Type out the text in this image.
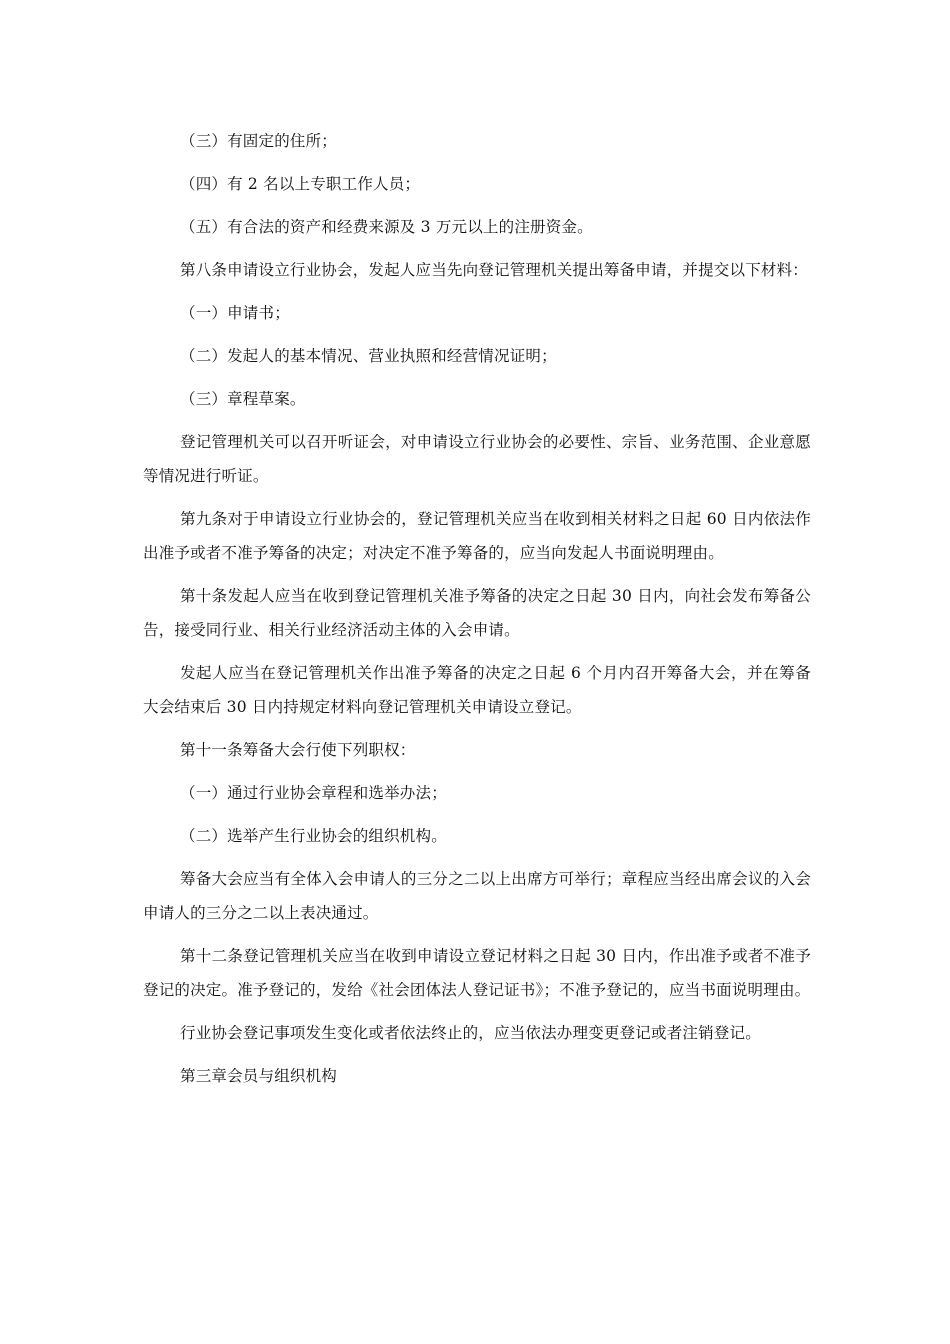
（三）有固定的住所；

（四）有 2 名以上专职工作人员；

（五）有合法的资产和经费来源及 3 万元以上的注册资金。

第八条申请设立行业协会，发起人应当先向登记管理机关提出筹备申请，并提交以下材料：

（一）申请书；

（二）发起人的基本情况、营业执照和经营情况证明；

（三）章程草案。

登记管理机关可以召开听证会，对申请设立行业协会的必要性、宗旨、业务范围、企业意愿等情况进行听证。

第九条对于申请设立行业协会的，登记管理机关应当在收到相关材料之日起 60 日内依法作出准予或者不准予筹备的决定；对决定不准予筹备的，应当向发起人书面说明理由。

第十条发起人应当在收到登记管理机关准予筹备的决定之日起 30 日内，向社会发布筹备公告，接受同行业、相关行业经济活动主体的入会申请。

发起人应当在登记管理机关作出准予筹备的决定之日起 6 个月内召开筹备大会，并在筹备大会结束后 30 日内持规定材料向登记管理机关申请设立登记。

第十一条筹备大会行使下列职权：

（一）通过行业协会章程和选举办法；

（二）选举产生行业协会的组织机构。

筹备大会应当有全体入会申请人的三分之二以上出席方可举行；章程应当经出席会议的入会申请人的三分之二以上表决通过。

第十二条登记管理机关应当在收到申请设立登记材料之日起 30 日内，作出准予或者不准予登记的决定。准予登记的，发给《社会团体法人登记证书》；不准予登记的，应当书面说明理由。

行业协会登记事项发生变化或者依法终止的，应当依法办理变更登记或者注销登记。

第三章会员与组织机构
